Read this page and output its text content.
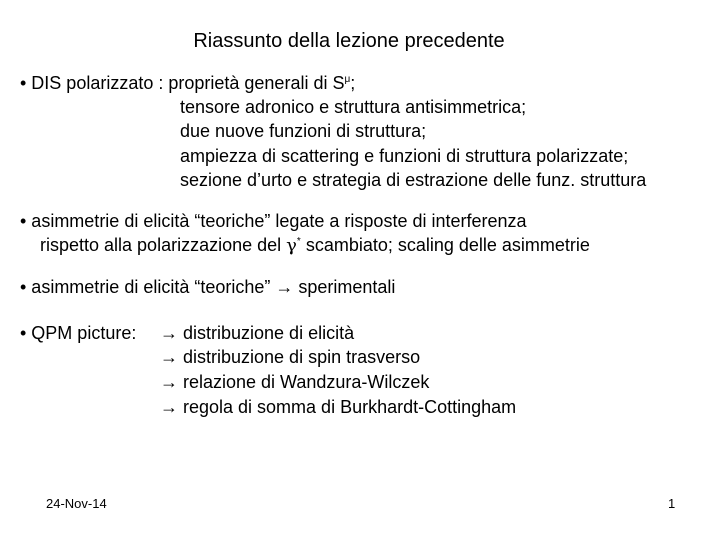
Riassunto della lezione precedente
• DIS polarizzato : proprietà generali di $S^\mu$;
tensore adronico e struttura antisimmetrica;
due nuove funzioni di struttura;
ampiezza di scattering e funzioni di struttura polarizzate;
sezione d’urto e strategia di estrazione delle funz. struttura
• asimmetrie di elicità “teoriche” legate a risposte di interferenza
rispetto alla polarizzazione del γ* scambiato; scaling delle asimmetrie
• asimmetrie di elicità “teoriche” → sperimentali
• QPM picture: → distribuzione di elicità
→ distribuzione di spin trasverso
→ relazione di Wandzura-Wilczek
→ regola di somma di Burkhardt-Cottingham
24-Nov-14	1
